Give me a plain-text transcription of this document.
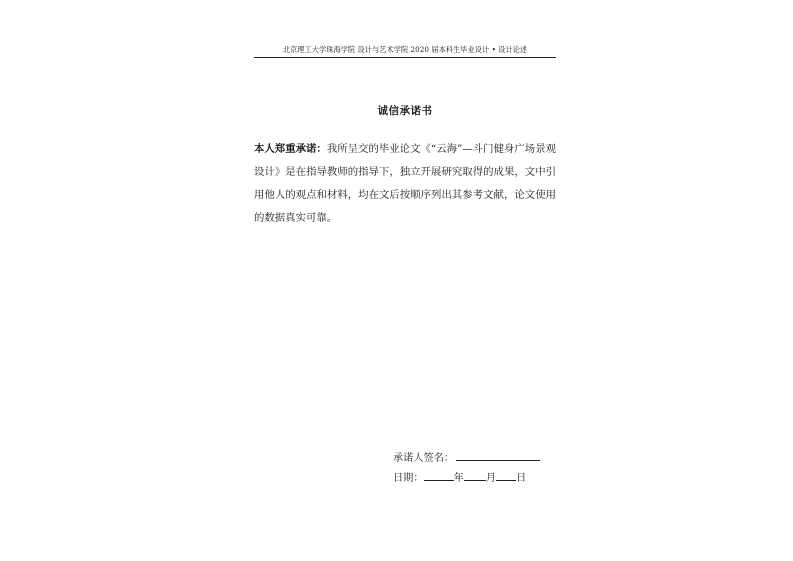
北京理工大学珠海学院 设计与艺术学院 2020 届本科生毕业设计 • 设计论述
诚信承诺书
本人郑重承诺：我所呈交的毕业论文《“云海”—斗门健身广场景观设计》是在指导教师的指导下，独立开展研究取得的成果，文中引用他人的观点和材料，均在文后按顺序列出其参考文献，论文使用的数据真实可靠。
承诺人签名：
日期：	年 月 日
